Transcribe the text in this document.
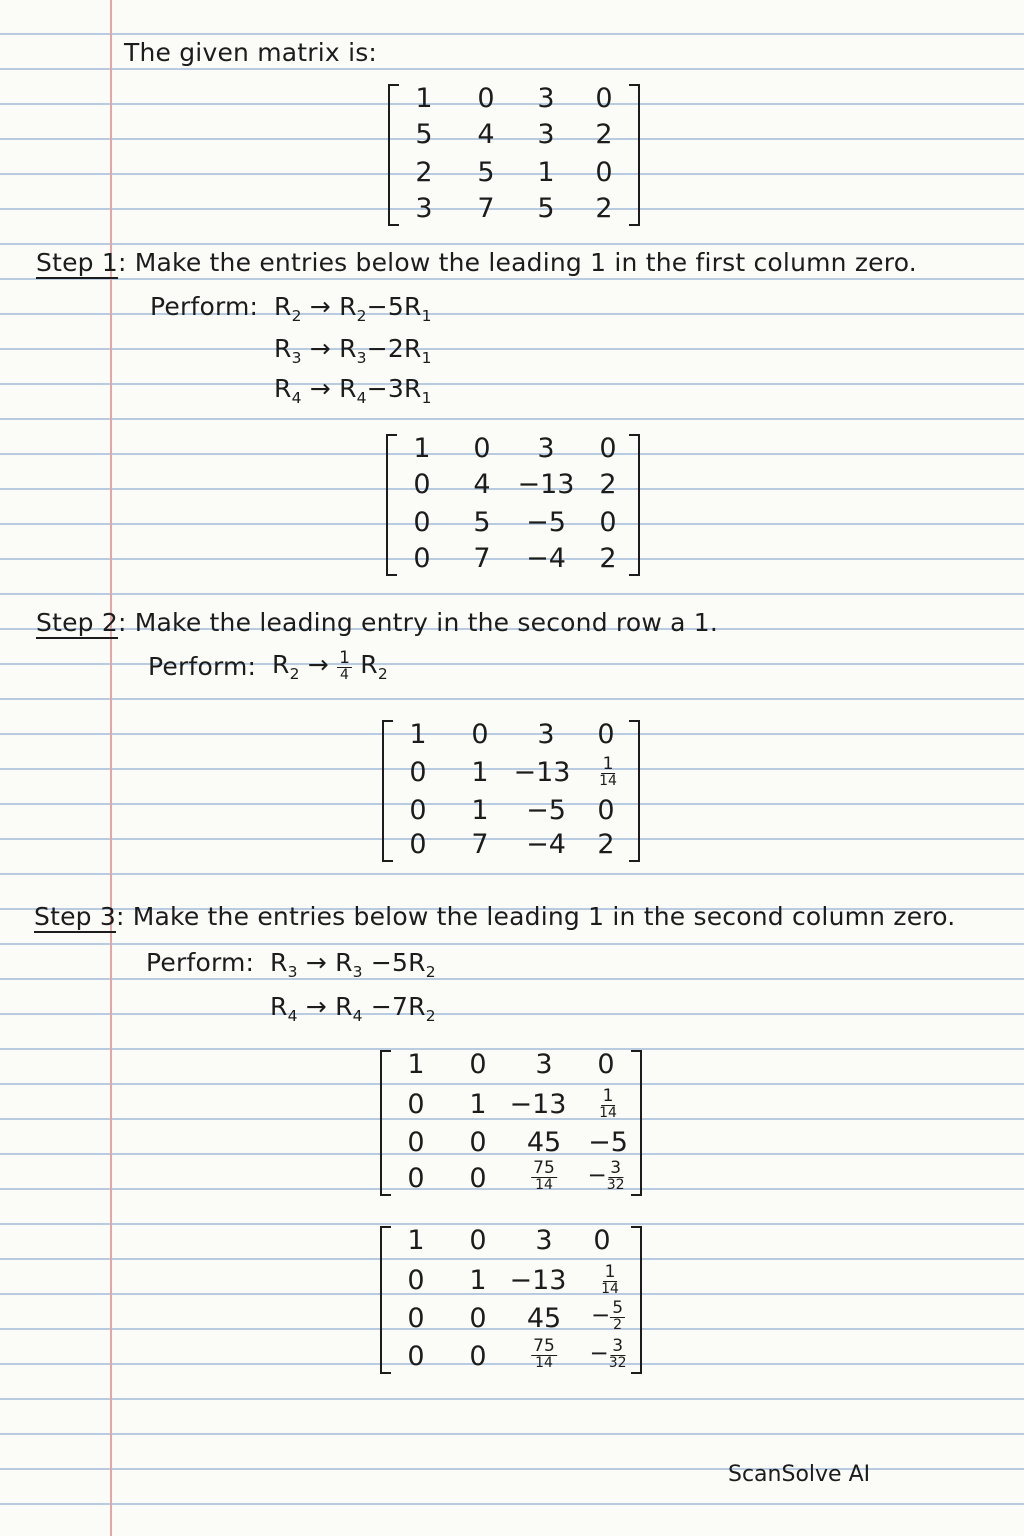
The given matrix is:
1 0 3 0
5 4 3 2
2 5 1 0
3 7 5 2
Step 1: Make the entries below the leading 1 in the first column zero.
Perform: $R_2 \to R_2-5R_1$
$R_3 \to R_3-2R_1$
$R_4 \to R_4-3R_1$
1 0 3 0
0 4 −13 2
0 5 −5 0
0 7 −4 2
Step 2: Make the leading entry in the second row a 1.
Perform: $R_2 \to \frac{1}{4} R_2$
1 0 3 0
0 $1 -13 \frac{1}{14}$
0 1 −5 0
0 7 −4 2
Step 3: Make the entries below the leading 1 in the second column zero.
Perform: $R_3 \to R_3 -5R_2$
$R_4 \to R_4 -7R_2$
1 0 3 0
0 $1 -13 \frac{1}{14}$
0 0 45 −5
0 0	$\frac{75}{14} - \frac{3}{32}$
1 0 3 0
0 $1 -13 \frac{1}{14}$
0 0 $45 - \frac{5}{2}$
0 0	$\frac{75}{14} - \frac{3}{32}$
ScanSolve AI
